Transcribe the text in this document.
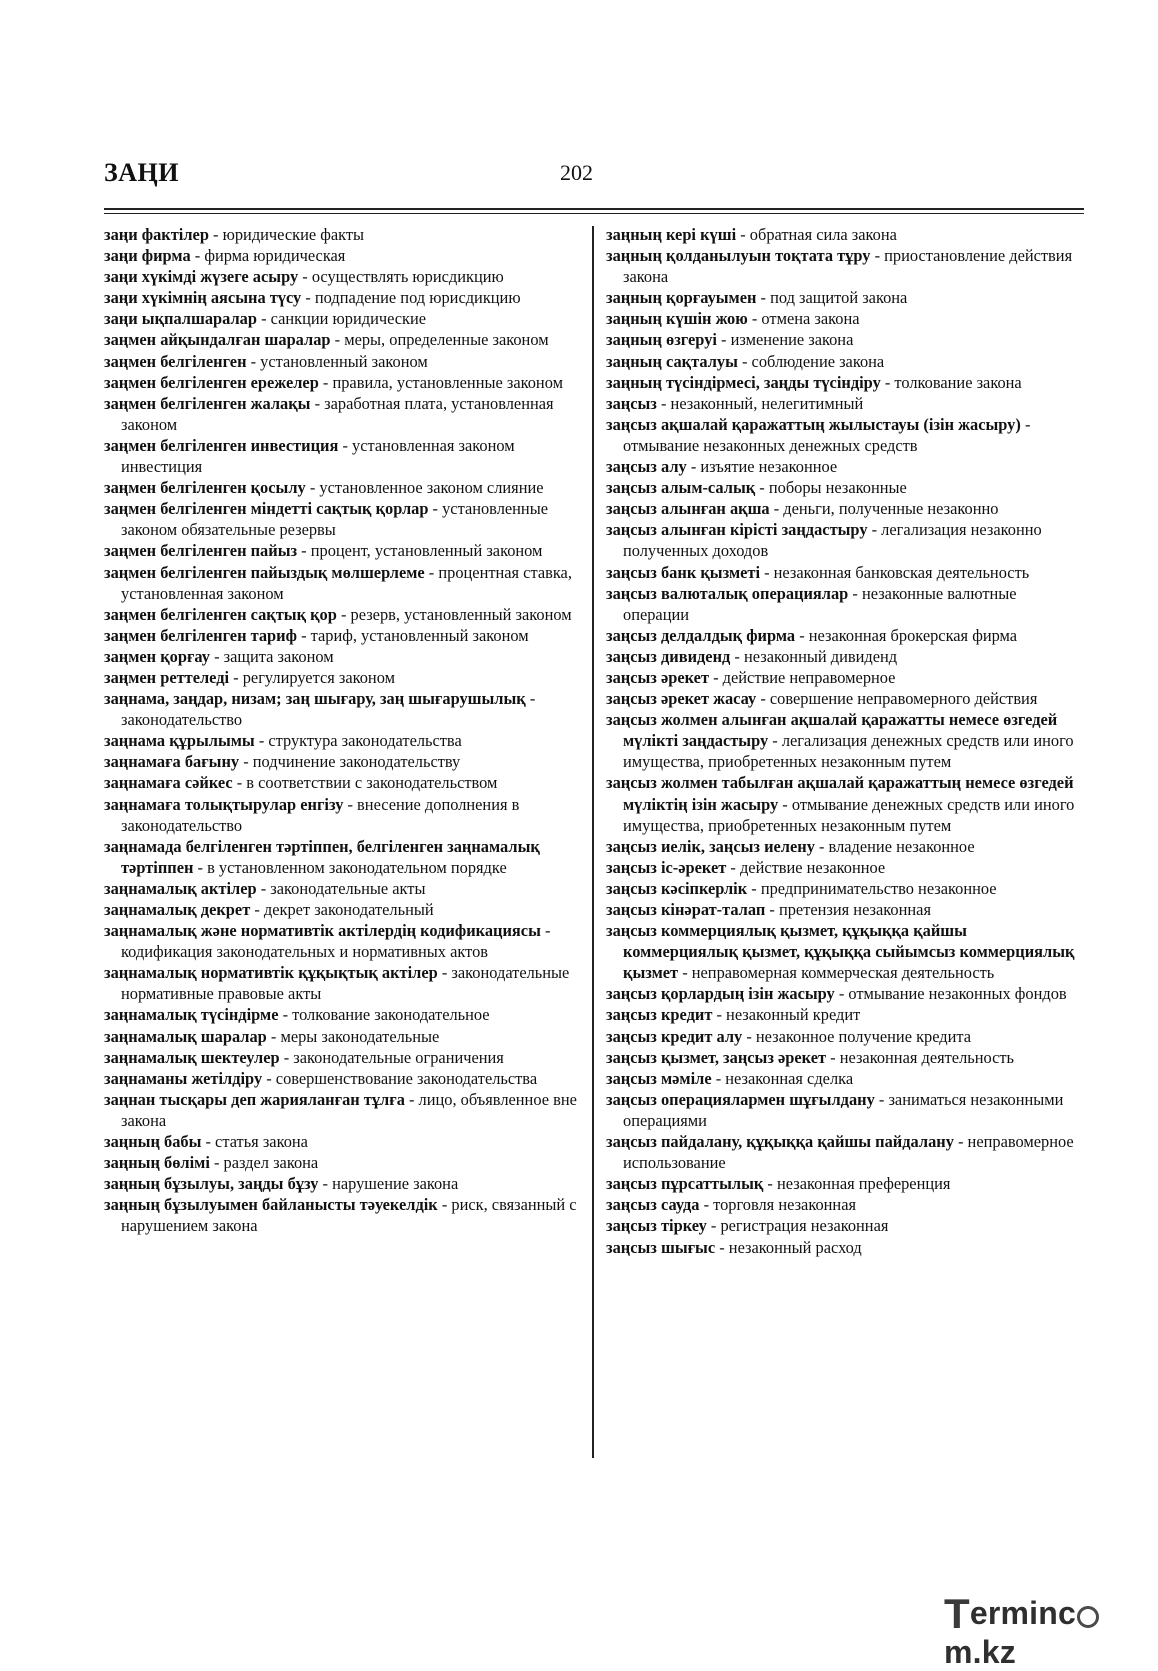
ЗАҢИ	202

заңи фактілер - юридические факты

заңи фирма - фирма юридическая

заңи хүкімді жүзеге асыру - осуществлять юрисдикцию

заңи хүкімнің аясына түсу - подпадение под юрисдикцию

заңи ықпалшаралар - санкции юридические

заңмен айқындалған шаралар - меры, определенные законом

заңмен белгіленген - установленный законом

заңмен белгіленген ережелер - правила, установленные законом

заңмен белгіленген жалақы - заработная плата, установленная законом

заңмен белгіленген инвестиция - установленная законом инвестиция

заңмен белгіленген қосылу - установленное законом слияние

заңмен белгіленген міндетті сақтық қорлар - установленные законом обязательные резервы

заңмен белгіленген пайыз - процент, установленный законом

заңмен белгіленген пайыздық мөлшерлеме - процентная ставка, установленная законом

заңмен белгіленген сақтық қор - резерв, установленный законом

заңмен белгіленген тариф - тариф, установленный законом

заңмен қорғау - защита законом

заңмен реттеледі - регулируется законом

заңнама, заңдар, низам; заң шығару, заң шығарушылық - законодательство

заңнама құрылымы - структура законодательства

заңнамаға бағыну - подчинение законодательству

заңнамаға сәйкес - в соответствии с законодательством

заңнамаға толықтырулар енгізу - внесение дополнения в законодательство

заңнамада белгіленген тәртіппен, белгіленген заңнамалық тәртіппен - в установленном законодательном порядке

заңнамалық актілер - законодательные акты

заңнамалық декрет - декрет законодательный

заңнамалық және нормативтік актілердің кодификациясы - кодификация законодательных и нормативных актов

заңнамалық нормативтік құқықтық актілер - законодательные нормативные правовые акты

заңнамалық түсіндірме - толкование законодательное

заңнамалық шаралар - меры законодательные

заңнамалық шектеулер - законодательные ограничения

заңнаманы жетілдіру - совершенствование законодательства

заңнан тысқары деп жарияланған тұлға - лицо, объявленное вне закона

заңның бабы - статья закона

заңның бөлімі - раздел закона

заңның бұзылуы, заңды бұзу - нарушение закона

заңның бұзылуымен байланысты тәуекелдік - риск, связанный с нарушением закона

заңның кері күші - обратная сила закона

заңның қолданылуын тоқтата тұру - приостановление действия закона

заңның қорғауымен - под защитой закона

заңның күшін жою - отмена закона

заңның өзгеруі - изменение закона

заңның сақталуы - соблюдение закона

заңның түсіндірмесі, заңды түсіндіру - толкование закона

заңсыз - незаконный, нелегитимный

заңсыз ақшалай қаражаттың жылыстауы (ізін жасыру) - отмывание незаконных денежных средств

заңсыз алу - изъятие незаконное

заңсыз алым-салық - поборы незаконные

заңсыз алынған ақша - деньги, полученные незаконно

заңсыз алынған кірісті заңдастыру - легализация незаконно полученных доходов

заңсыз банк қызметі - незаконная банковская деятельность

заңсыз валюталық операциялар - незаконные валютные операции

заңсыз делдалдық фирма - незаконная брокерская фирма

заңсыз дивиденд - незаконный дивиденд

заңсыз әрекет - действие неправомерное

заңсыз әрекет жасау - совершение неправомерного действия

заңсыз жолмен алынған ақшалай қаражатты немесе өзгедей мүлікті заңдастыру - легализация денежных средств или иного имущества, приобретенных незаконным путем

заңсыз жолмен табылған ақшалай қаражаттың немесе өзгедей мүліктің ізін жасыру - отмывание денежных средств или иного имущества, приобретенных незаконным путем

заңсыз иелік, заңсыз иелену - владение незаконное

заңсыз іс-әрекет - действие незаконное

заңсыз кәсіпкерлік - предпринимательство незаконное

заңсыз кінәрат-талап - претензия незаконная

заңсыз коммерциялық қызмет, құқыққа қайшы коммерциялық қызмет, құқыққа сыйымсыз коммерциялық қызмет - неправомерная коммерческая деятельность

заңсыз қорлардың ізін жасыру - отмывание незаконных фондов

заңсыз кредит - незаконный кредит

заңсыз кредит алу - незаконное получение кредита

заңсыз қызмет, заңсыз әрекет - незаконная деятельность

заңсыз мәміле - незаконная сделка

заңсыз операциялармен шұғылдану - заниматься незаконными операциями

заңсыз пайдалану, құқыққа қайшы пайдалану - неправомерное использование

заңсыз пұрсаттылық - незаконная преференция

заңсыз сауда - торговля незаконная

заңсыз тіркеу - регистрация незаконная

заңсыз шығыс - незаконный расход

Termincm.kz
